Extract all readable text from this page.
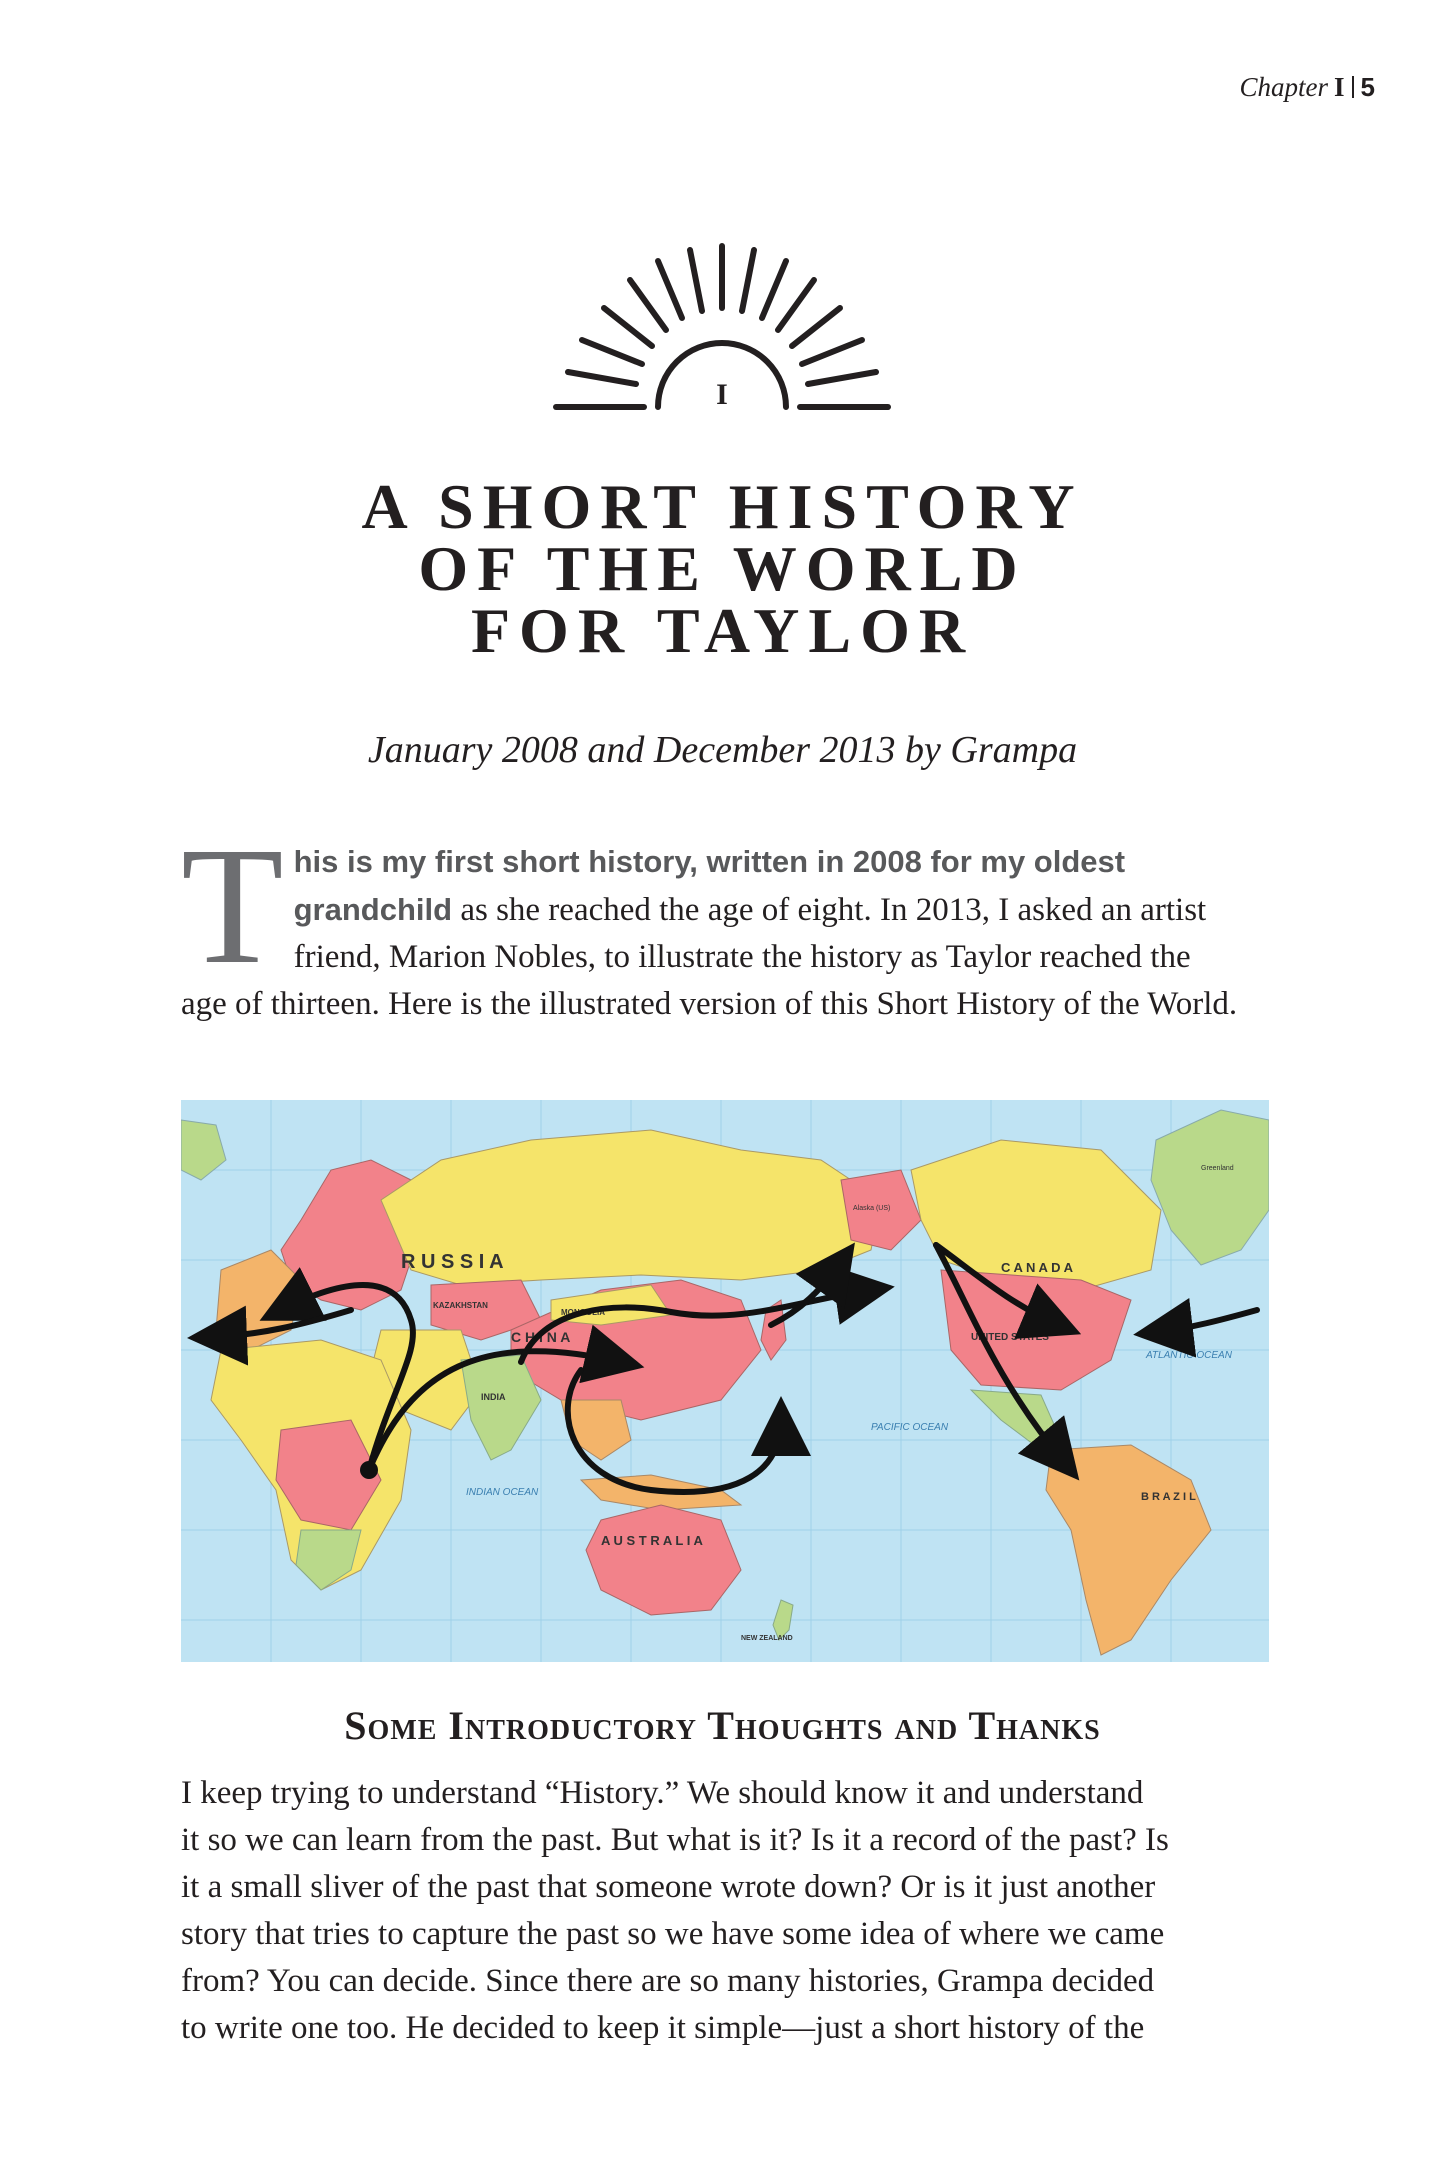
Chapter I 5
I
A SHORT HISTORY
OF THE WORLD
FOR TAYLOR
January 2008 and December 2013 by Grampa
This is my first short history, written in 2008 for my oldest grandchild as she reached the age of eight. In 2013, I asked an artist friend, Marion Nobles, to illustrate the history as Taylor reached the age of thirteen. Here is the illustrated version of this Short History of the World.
R U S S I A	C A N A D A
C H I N A	UNITED STATES
A U S T R A L I A
B R A Z I L
KAZAKHSTAN
MONGOLIA
INDIA
NEW ZEALAND
PACIFIC OCEAN
ATLANTIC OCEAN
INDIAN OCEAN
Greenland
Alaska (US)
Some Introductory Thoughts and Thanks
I keep trying to understand “History.” We should know it and understand
it so we can learn from the past. But what is it? Is it a record of the past? Is
it a small sliver of the past that someone wrote down? Or is it just another
story that tries to capture the past so we have some idea of where we came
from? You can decide. Since there are so many histories, Grampa decided
to write one too. He decided to keep it simple—just a short history of the
